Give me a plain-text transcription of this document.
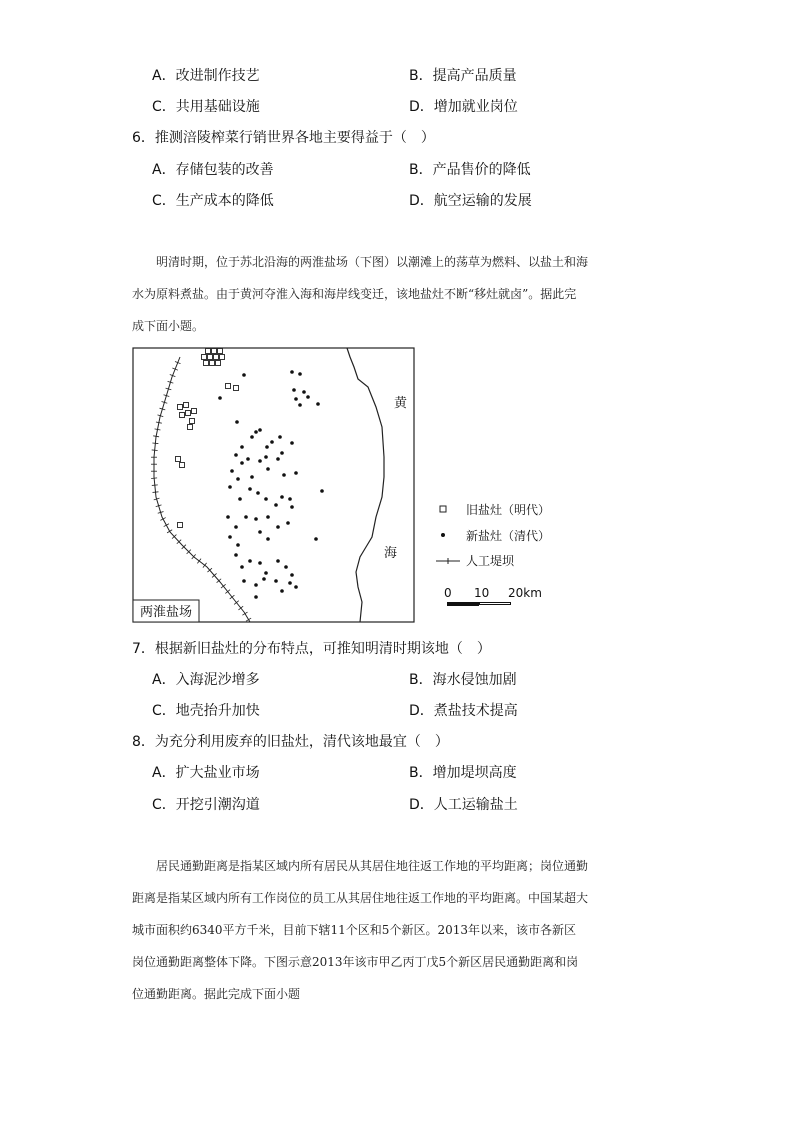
A．改进制作技艺	B．提高产品质量
C．共用基础设施	D．增加就业岗位
6．推测涪陵榨菜行销世界各地主要得益于（　）
A．存储包装的改善	B．产品售价的降低
C．生产成本的降低	D．航空运输的发展

明清时期，位于苏北沿海的两淮盐场（下图）以潮滩上的荡草为燃料、以盐土和海

水为原料煮盐。由于黄河夺淮入海和海岸线变迁，该地盐灶不断“移灶就卤”。据此完

成下面小题。

黄
海
两淮盐场
旧盐灶（明代）
新盐灶（清代）
人工堤坝
0 10 20km
7．根据新旧盐灶的分布特点，可推知明清时期该地（　）
A．入海泥沙增多	B．海水侵蚀加剧
C．地壳抬升加快	D．煮盐技术提高
8．为充分利用废弃的旧盐灶，清代该地最宜（　）
A．扩大盐业市场	B．增加堤坝高度
C．开挖引潮沟道	D．人工运输盐土

居民通勤距离是指某区域内所有居民从其居住地往返工作地的平均距离；岗位通勤

距离是指某区域内所有工作岗位的员工从其居住地往返工作地的平均距离。中国某超大

城市面积约6340平方千米，目前下辖11个区和5个新区。2013年以来，该市各新区

岗位通勤距离整体下降。下图示意2013年该市甲乙丙丁戊5个新区居民通勤距离和岗

位通勤距离。据此完成下面小题
